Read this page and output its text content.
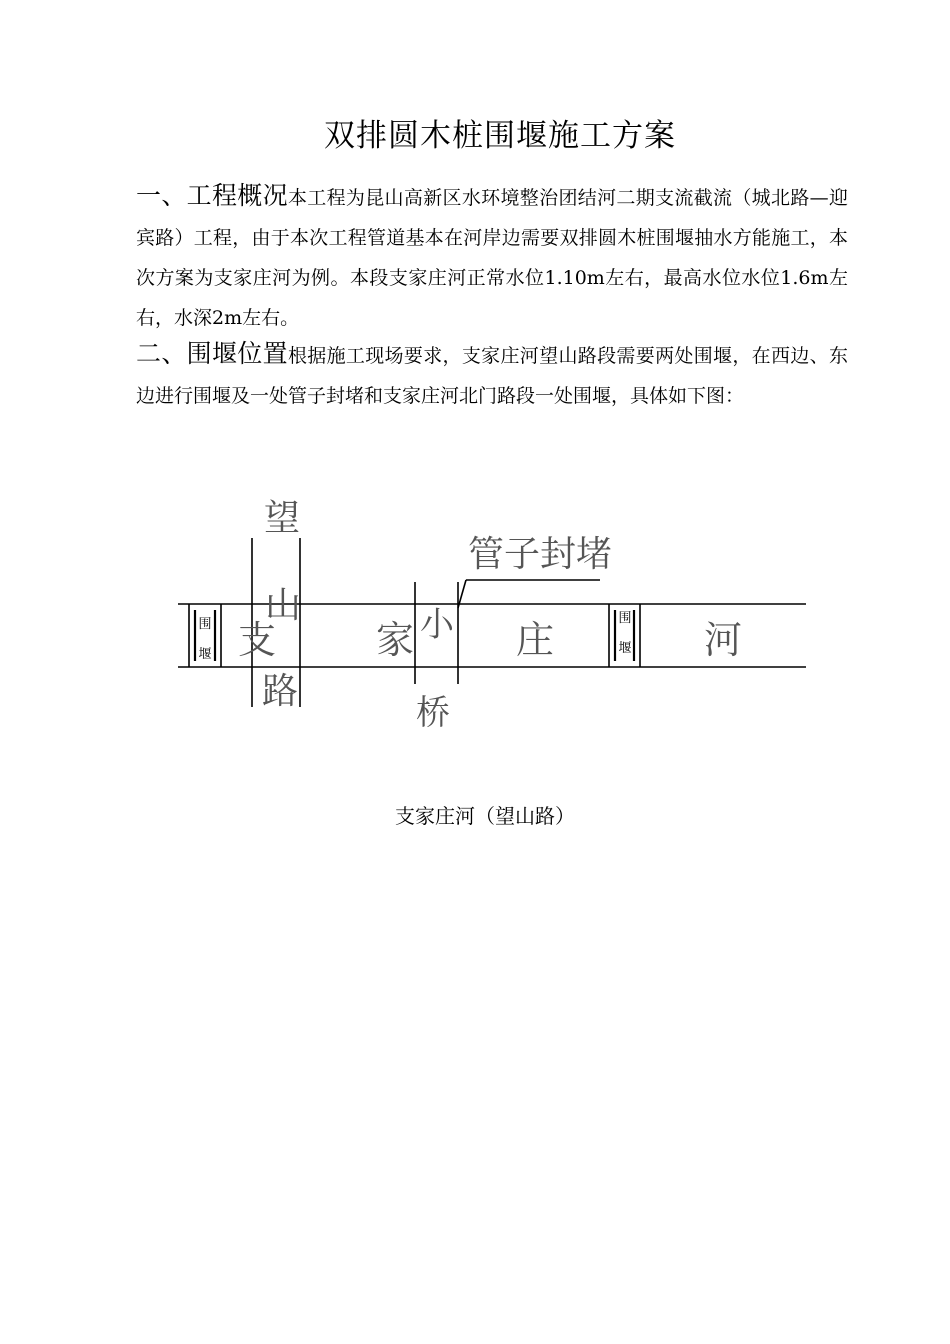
双排圆木桩围堰施工方案
一、工程概况本工程为昆山高新区水环境整治团结河二期支流截流（城北路—迎宾路）工程，由于本次工程管道基本在河岸边需要双排圆木桩围堰抽水方能施工，本次方案为支家庄河为例。本段支家庄河正常水位1.10m左右，最高水位水位1.6m左右，水深2m左右。
二、围堰位置根据施工现场要求，支家庄河望山路段需要两处围堰，在西边、东边进行围堰及一处管子封堵和支家庄河北门路段一处围堰，具体如下图：
围
堰
围
堰
望
山
路
支	家	庄	河
小
桥
管子封堵
支家庄河（望山路）
